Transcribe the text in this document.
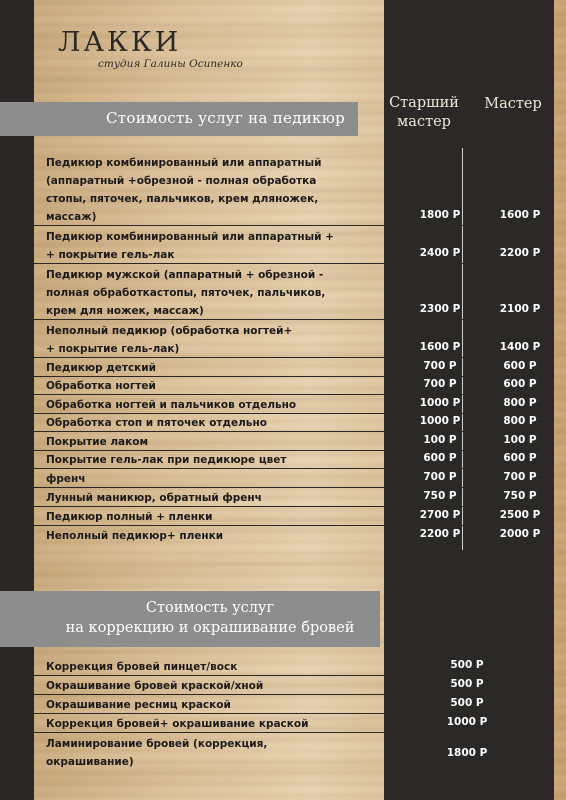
ЛАККИ
студия Галины Осипенко
Стоимость услуг на педикюр
Старший
мастер
Мастер
Педикюр комбинированный или аппаратный
(аппаратный +обрезной - полная обработка
стопы, пяточек, пальчиков, крем дляножек,
массаж)	1800 Р	1600 Р
Педикюр комбинированный или аппаратный +
+ покрытие гель-лак	2400 Р	2200 Р
Педикюр мужской (аппаратный + обрезной -
полная обработкастопы, пяточек, пальчиков,
крем для ножек, массаж)	2300 Р	2100 Р
Неполный педикюр (обработка ногтей+
+ покрытие гель-лак)	1600 Р	1400 Р
Педикюр детский	700 Р	600 Р
Обработка ногтей	700 Р	600 Р
Обработка ногтей и пальчиков отдельно	1000 Р	800 Р
Обработка стоп и пяточек отдельно	1000 Р	800 Р
Покрытие лаком	100 Р	100 Р
Покрытие гель-лак при педикюре цвет	600 Р	600 Р
френч	700 Р	700 Р
Лунный маникюр, обратный френч	750 Р	750 Р
Педикюр полный + пленки	2700 Р	2500 Р
Неполный педикюр+ пленки	2200 Р	2000 Р
Стоимость услуг
на коррекцию и окрашивание бровей
Коррекция бровей пинцет/воск	500 Р
Окрашивание бровей краской/хной	500 Р
Окрашивание ресниц краской	500 Р
Коррекция бровей+ окрашивание краской	1000 Р
Ламинирование бровей (коррекция,
окрашивание)
1800 Р
